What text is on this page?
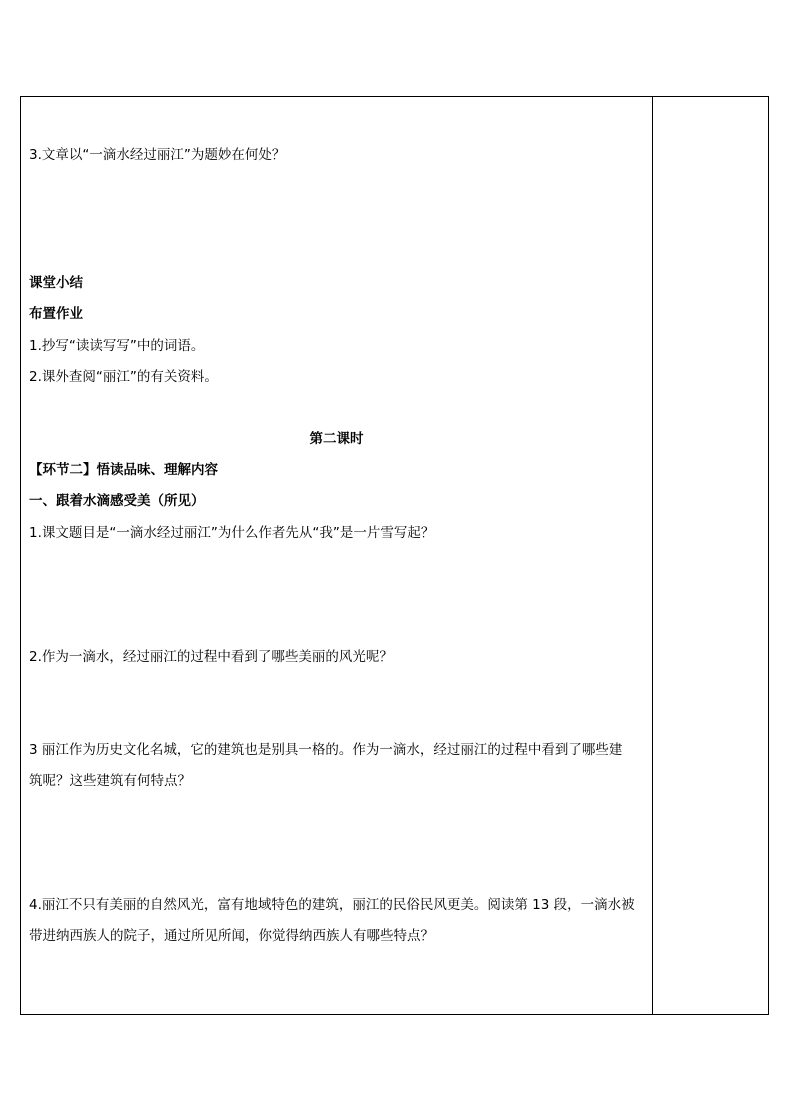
3.文章以“一滴水经过丽江”为题妙在何处？
课堂小结
布置作业
1.抄写“读读写写”中的词语。
2.课外查阅“丽江”的有关资料。
第二课时
【环节二】悟读品味、理解内容
一、跟着水滴感受美（所见）
1.课文题目是“一滴水经过丽江”为什么作者先从“我”是一片雪写起？
2.作为一滴水，经过丽江的过程中看到了哪些美丽的风光呢？
3 丽江作为历史文化名城，它的建筑也是别具一格的。作为一滴水，经过丽江的过程中看到了哪些建
筑呢？这些建筑有何特点？
4.丽江不只有美丽的自然风光，富有地域特色的建筑，丽江的民俗民风更美。阅读第 13 段，一滴水被
带进纳西族人的院子，通过所见所闻，你觉得纳西族人有哪些特点？
